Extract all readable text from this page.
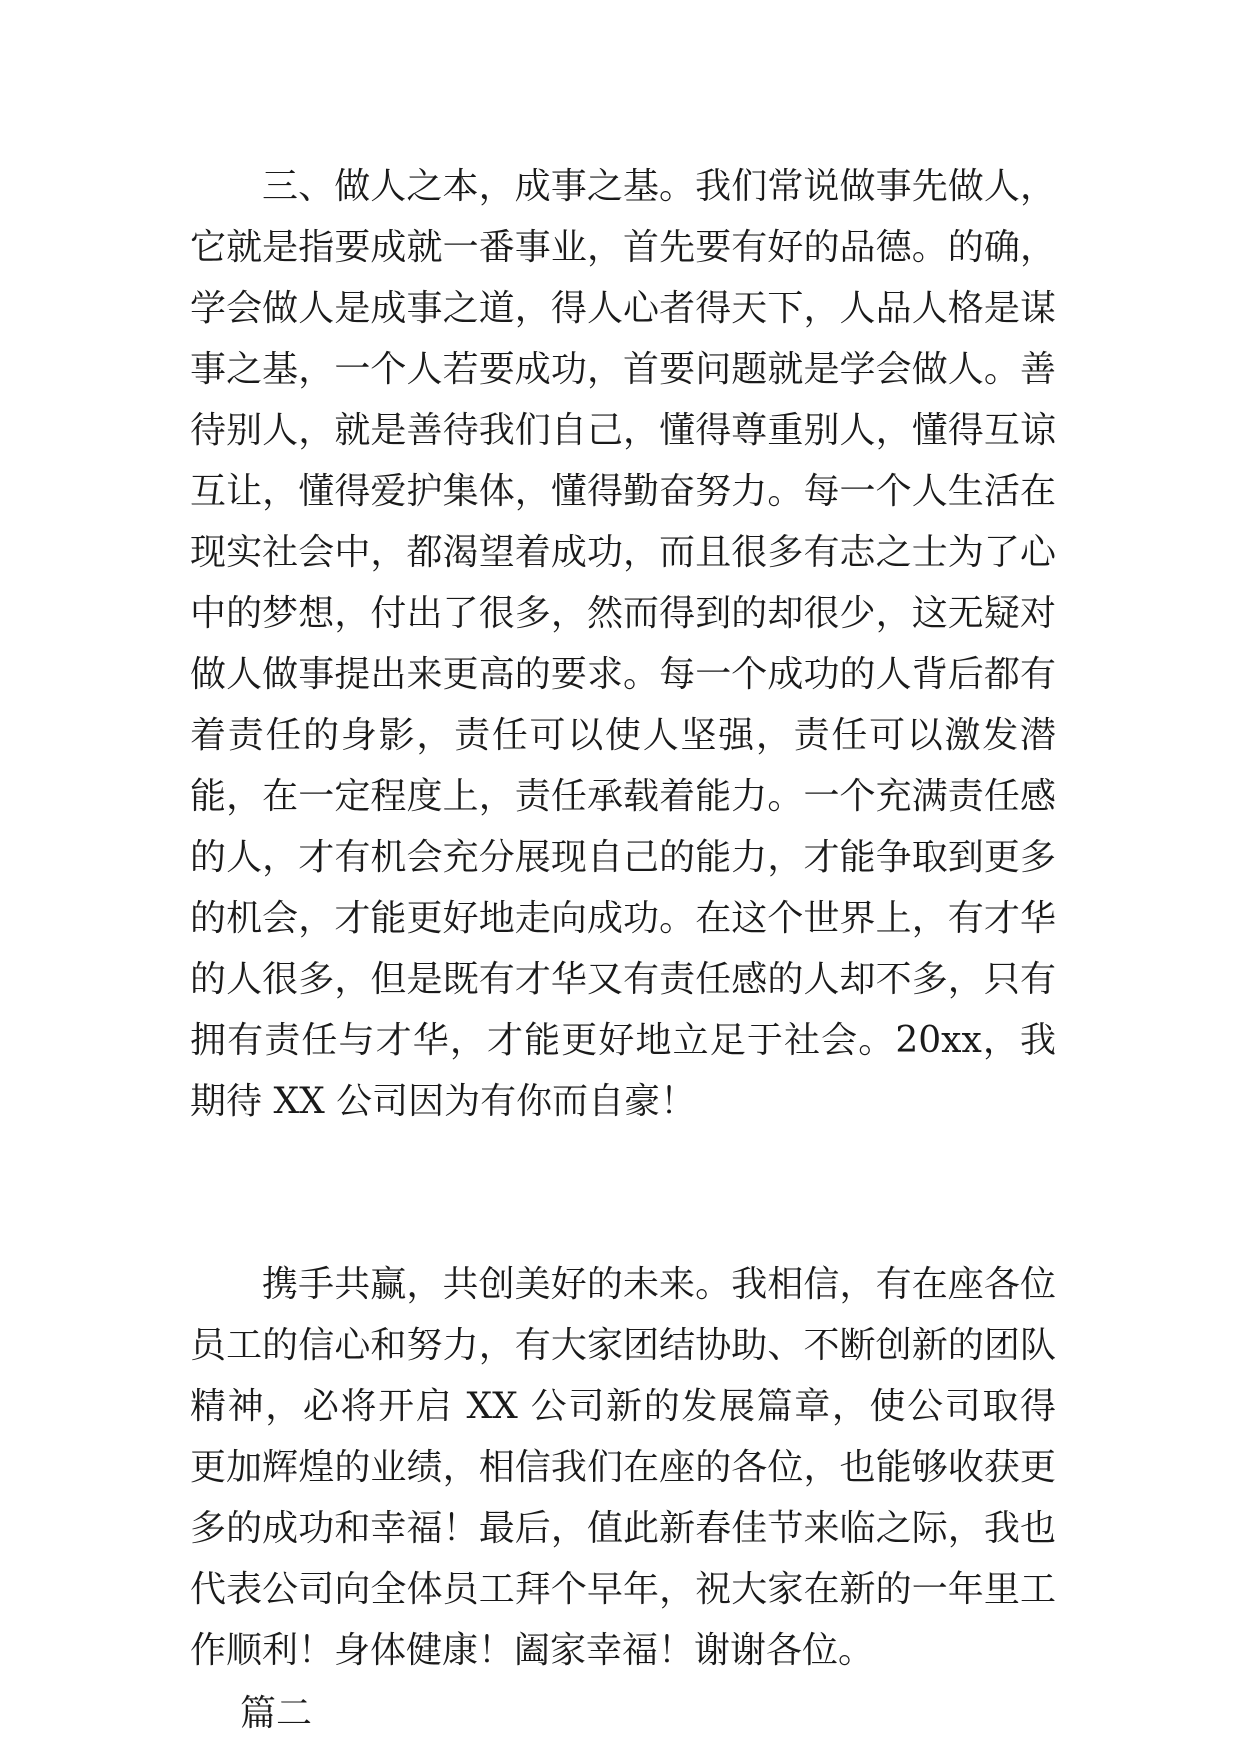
三、做人之本，成事之基。我们常说做事先做人，它就是指要成就一番事业，首先要有好的品德。的确，学会做人是成事之道，得人心者得天下，人品人格是谋事之基，一个人若要成功，首要问题就是学会做人。善待别人，就是善待我们自己，懂得尊重别人，懂得互谅互让，懂得爱护集体，懂得勤奋努力。每一个人生活在现实社会中，都渴望着成功，而且很多有志之士为了心中的梦想，付出了很多，然而得到的却很少，这无疑对做人做事提出来更高的要求。每一个成功的人背后都有着责任的身影，责任可以使人坚强，责任可以激发潜能，在一定程度上，责任承载着能力。一个充满责任感的人，才有机会充分展现自己的能力，才能争取到更多的机会，才能更好地走向成功。在这个世界上，有才华的人很多，但是既有才华又有责任感的人却不多，只有拥有责任与才华，才能更好地立足于社会。20xx，我期待 XX 公司因为有你而自豪！

携手共赢，共创美好的未来。我相信，有在座各位员工的信心和努力，有大家团结协助、不断创新的团队精神，必将开启 XX 公司新的发展篇章，使公司取得更加辉煌的业绩，相信我们在座的各位，也能够收获更多的成功和幸福！最后，值此新春佳节来临之际，我也代表公司向全体员工拜个早年，祝大家在新的一年里工作顺利！身体健康！阖家幸福！谢谢各位。

篇二
